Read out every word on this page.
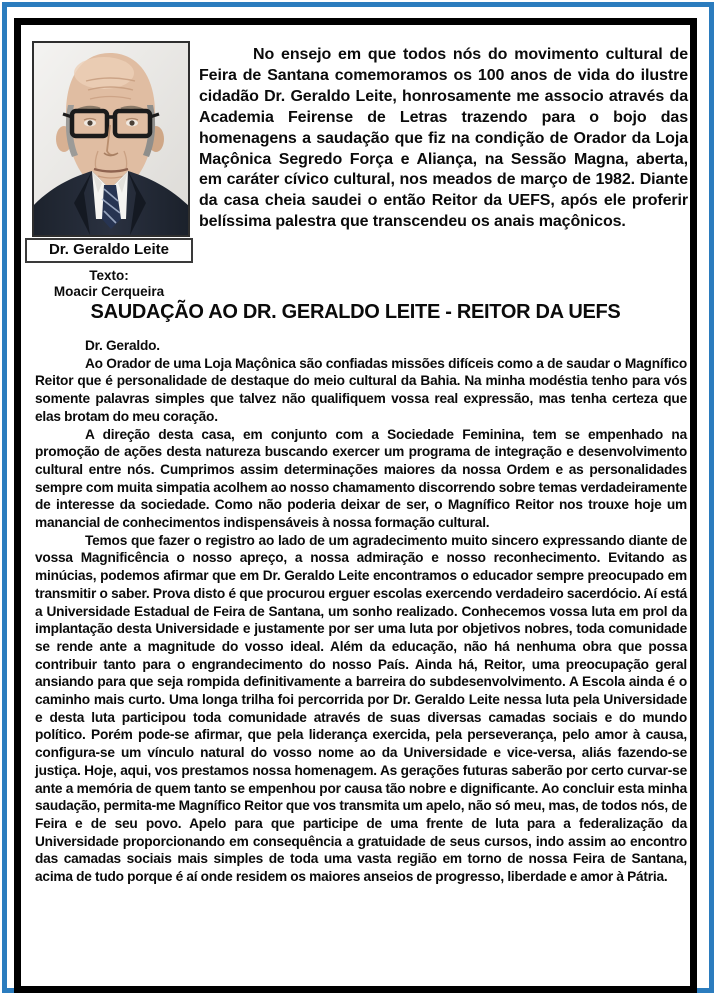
Dr. Geraldo Leite
Texto:
Moacir Cerqueira

No ensejo em que todos nós do movimento cultural de Feira de Santana comemoramos os 100 anos de vida do ilustre cidadão Dr. Geraldo Leite, honrosamente me associo através da Academia Feirense de Letras trazendo para o bojo das homenagens a saudação que fiz na condição de Orador da Loja Maçônica Segredo Força e Aliança, na Sessão Magna, aberta, em caráter cívico cultural, nos meados de março de 1982. Diante da casa cheia saudei o então Reitor da UEFS, após ele proferir belíssima palestra que transcendeu os anais maçônicos.

SAUDAÇÃO AO DR. GERALDO LEITE - REITOR DA UEFS

Dr. Geraldo.

Ao Orador de uma Loja Maçônica são confiadas missões difíceis como a de saudar o Magnífico Reitor que é personalidade de destaque do meio cultural da Bahia. Na minha modéstia tenho para vós somente palavras simples que talvez não qualifiquem vossa real expressão, mas tenha certeza que elas brotam do meu coração.

A direção desta casa, em conjunto com a Sociedade Feminina, tem se empenhado na promoção de ações desta natureza buscando exercer um programa de integração e desenvolvimento cultural entre nós. Cumprimos assim determinações maiores da nossa Ordem e as personalidades sempre com muita simpatia acolhem ao nosso chamamento discorrendo sobre temas verdadeiramente de interesse da sociedade. Como não poderia deixar de ser, o Magnífico Reitor nos trouxe hoje um manancial de conhecimentos indispensáveis à nossa formação cultural.

Temos que fazer o registro ao lado de um agradecimento muito sincero expressando diante de vossa Magnificência o nosso apreço, a nossa admiração e nosso reconhecimento. Evitando as minúcias, podemos afirmar que em Dr. Geraldo Leite encontramos o educador sempre preocupado em transmitir o saber. Prova disto é que procurou erguer escolas exercendo verdadeiro sacerdócio. Aí está a Universidade Estadual de Feira de Santana, um sonho realizado. Conhecemos vossa luta em prol da implantação desta Universidade e justamente por ser uma luta por objetivos nobres, toda comunidade se rende ante a magnitude do vosso ideal. Além da educação, não há nenhuma obra que possa contribuir tanto para o engrandecimento do nosso País. Ainda há, Reitor, uma preocupação geral ansiando para que seja rompida definitivamente a barreira do subdesenvolvimento. A Escola ainda é o caminho mais curto. Uma longa trilha foi percorrida por Dr. Geraldo Leite nessa luta pela Universidade e desta luta participou toda comunidade através de suas diversas camadas sociais e do mundo político. Porém pode-se afirmar, que pela liderança exercida, pela perseverança, pelo amor à causa, configura-se um vínculo natural do vosso nome ao da Universidade e vice-versa, aliás fazendo-se justiça. Hoje, aqui, vos prestamos nossa homenagem. As gerações futuras saberão por certo curvar-se ante a memória de quem tanto se empenhou por causa tão nobre e dignificante. Ao concluir esta minha saudação, permita-me Magnífico Reitor que vos transmita um apelo, não só meu, mas, de todos nós, de Feira e de seu povo. Apelo para que participe de uma frente de luta para a federalização da Universidade proporcionando em consequência a gratuidade de seus cursos, indo assim ao encontro das camadas sociais mais simples de toda uma vasta região em torno de nossa Feira de Santana, acima de tudo porque é aí onde residem os maiores anseios de progresso, liberdade e amor à Pátria.
